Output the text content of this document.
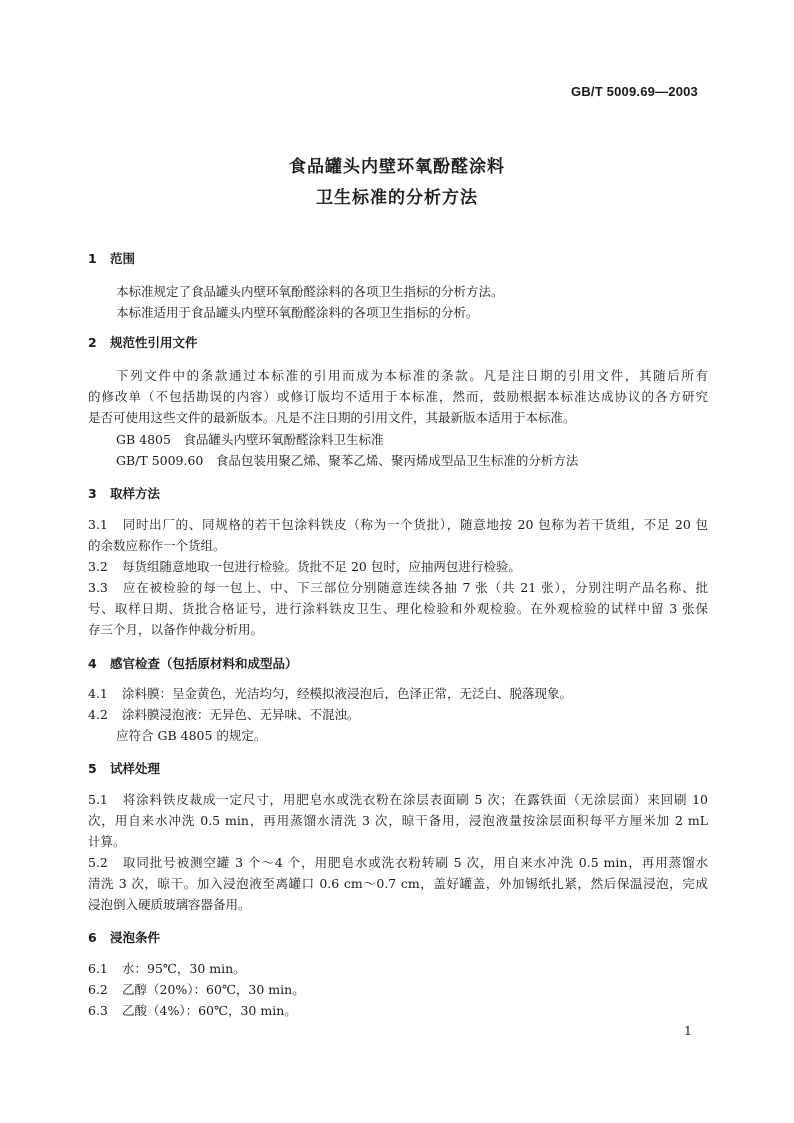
GB/T 5009.69—2003
食品罐头内壁环氧酚醛涂料
卫生标准的分析方法
1 范围
本标准规定了食品罐头内壁环氧酚醛涂料的各项卫生指标的分析方法。
本标准适用于食品罐头内壁环氧酚醛涂料的各项卫生指标的分析。
2 规范性引用文件
下列文件中的条款通过本标准的引用而成为本标准的条款。凡是注日期的引用文件，其随后所有
的修改单（不包括勘误的内容）或修订版均不适用于本标准，然而，鼓励根据本标准达成协议的各方研究
是否可使用这些文件的最新版本。凡是不注日期的引用文件，其最新版本适用于本标准。
GB 4805　食品罐头内壁环氧酚醛涂料卫生标准
GB/T 5009.60　食品包装用聚乙烯、聚苯乙烯、聚丙烯成型品卫生标准的分析方法
3 取样方法
3.1 同时出厂的、同规格的若干包涂料铁皮（称为一个货批），随意地按 20 包称为若干货组，不足 20 包
的余数应称作一个货组。
3.2 每货组随意地取一包进行检验。货批不足 20 包时，应抽两包进行检验。
3.3 应在被检验的每一包上、中、下三部位分别随意连续各抽 7 张（共 21 张），分别注明产品名称、批
号、取样日期、货批合格证号，进行涂料铁皮卫生、理化检验和外观检验。在外观检验的试样中留 3 张保
存三个月，以备作仲裁分析用。
4 感官检查（包括原材料和成型品）
4.1 涂料膜：呈金黄色，光洁均匀，经模拟液浸泡后，色泽正常，无泛白、脱落现象。
4.2 涂料膜浸泡液：无异色、无异味、不混浊。
应符合 GB 4805 的规定。
5 试样处理
5.1 将涂料铁皮裁成一定尺寸，用肥皂水或洗衣粉在涂层表面刷 5 次；在露铁面（无涂层面）来回刷 10
次，用自来水冲洗 0.5 min，再用蒸馏水清洗 3 次，晾干备用，浸泡液量按涂层面积每平方厘米加 2 mL
计算。
5.2 取同批号被测空罐 3 个～4 个，用肥皂水或洗衣粉转刷 5 次，用自来水冲洗 0.5 min，再用蒸馏水
清洗 3 次，晾干。加入浸泡液至离罐口 0.6 cm～0.7 cm，盖好罐盖，外加锡纸扎紧，然后保温浸泡，完成
浸泡倒入硬质玻璃容器备用。
6 浸泡条件
6.1 水：95℃，30 min。
6.2 乙醇（20%）：60℃，30 min。
6.3 乙酸（4%）：60℃，30 min。
1
